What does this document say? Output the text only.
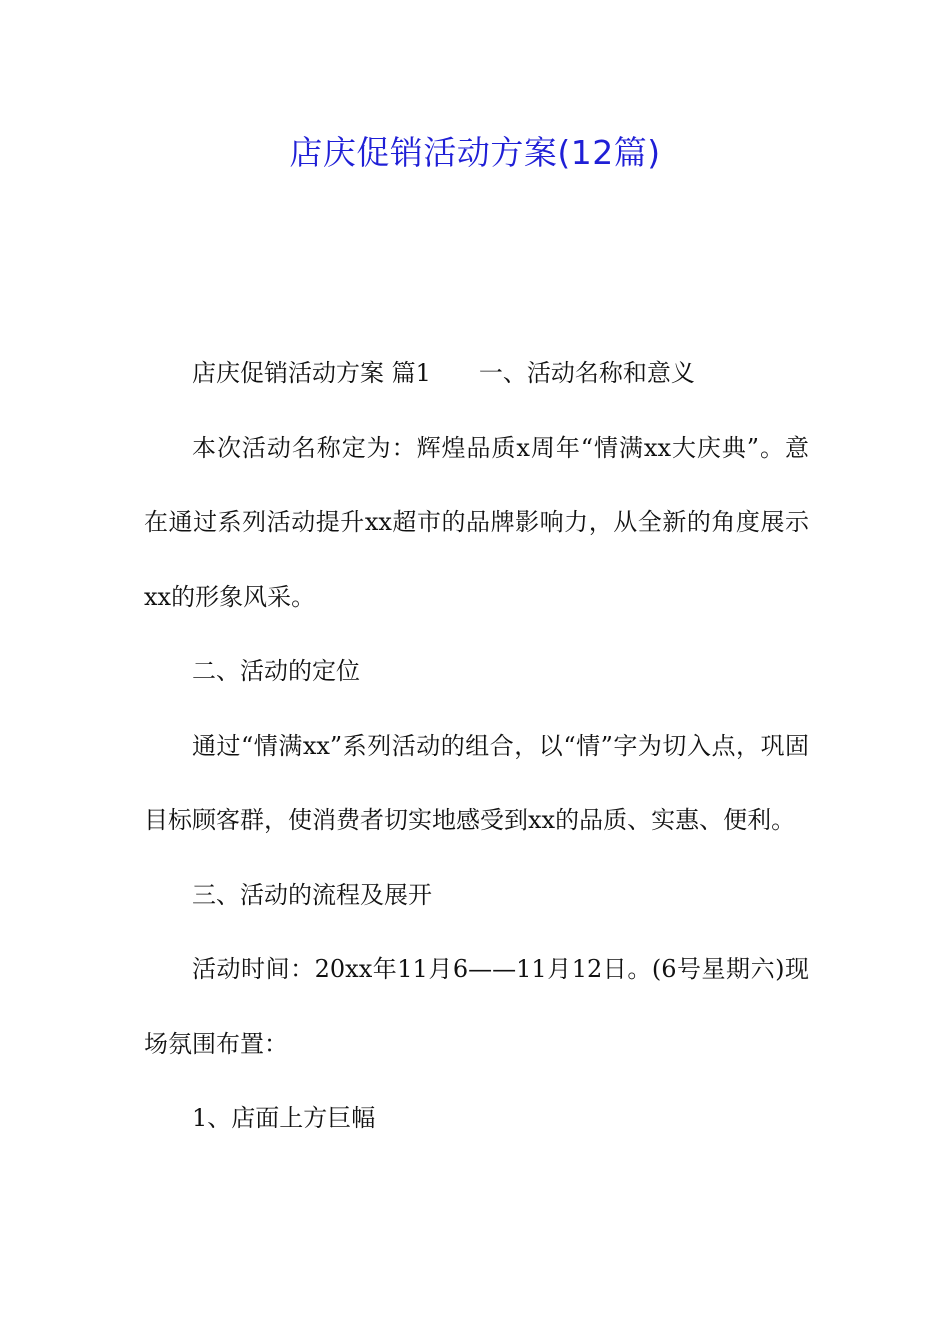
店庆促销活动方案(12篇)

店庆促销活动方案 篇1 一、活动名称和意义

本次活动名称定为：辉煌品质x周年“情满xx大庆典”。意在通过系列活动提升xx超市的品牌影响力，从全新的角度展示xx的形象风采。

二、活动的定位

通过“情满xx”系列活动的组合，以“情”字为切入点，巩固目标顾客群，使消费者切实地感受到xx的品质、实惠、便利。

三、活动的流程及展开

活动时间：20xx年11月6——11月12日。(6号星期六)现场氛围布置：

1、店面上方巨幅
